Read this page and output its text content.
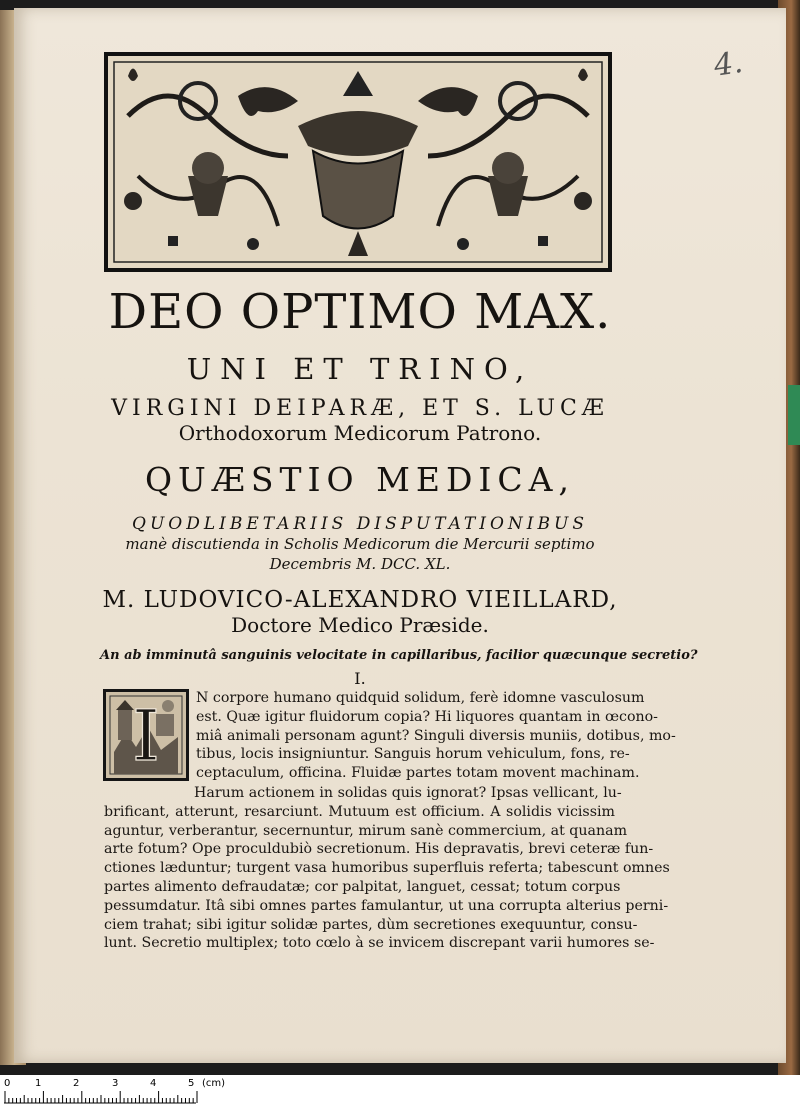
4.
DEO OPTIMO MAX.
UNI ET TRINO,
VIRGINI DEIPARÆ, ET S. LUCÆ
Orthodoxorum Medicorum Patrono.
QUÆSTIO MEDICA,
QUODLIBETARIIS DISPUTATIONIBUS
manè discutienda in Scholis Medicorum die Mercurii septimo
Decembris M. DCC. XL.
M. LUDOVICO-ALEXANDRO VIEILLARD,
Doctore Medico Præside.
An ab imminutâ sanguinis velocitate in capillaribus, facilior quæcunque secretio?
I.
I	N corpore humano quidquid solidum, ferè idomne vasculosum
est. Quæ igitur fluidorum copia? Hi liquores quantam in œcono-
miâ animali personam agunt? Singuli diversis muniis, dotibus, mo-
tibus, locis insigniuntur. Sanguis horum vehiculum, fons, re-
ceptaculum, officina. Fluidæ partes totam movent machinam.
Harum actionem in solidas quis ignorat? Ipsas vellicant, lu-
brificant, atterunt, resarciunt. Mutuum est officium. A solidis vicissim
aguntur, verberantur, secernuntur, mirum sanè commercium, at quanam
arte fotum? Ope proculdubiò secretionum. His depravatis, brevi ceteræ fun-
ctiones læduntur; turgent vasa humoribus superfluis referta; tabescunt omnes
partes alimento defraudatæ; cor palpitat, languet, cessat; totum corpus
pessumdatur. Itâ sibi omnes partes famulantur, ut una corrupta alterius perni-
ciem trahat; sibi igitur solidæ partes, dùm secretiones exequuntur, consu-
lunt. Secretio multiplex; toto cœlo à se invicem discrepant varii humores se-
0 1	2	3	4	5 (cm)
